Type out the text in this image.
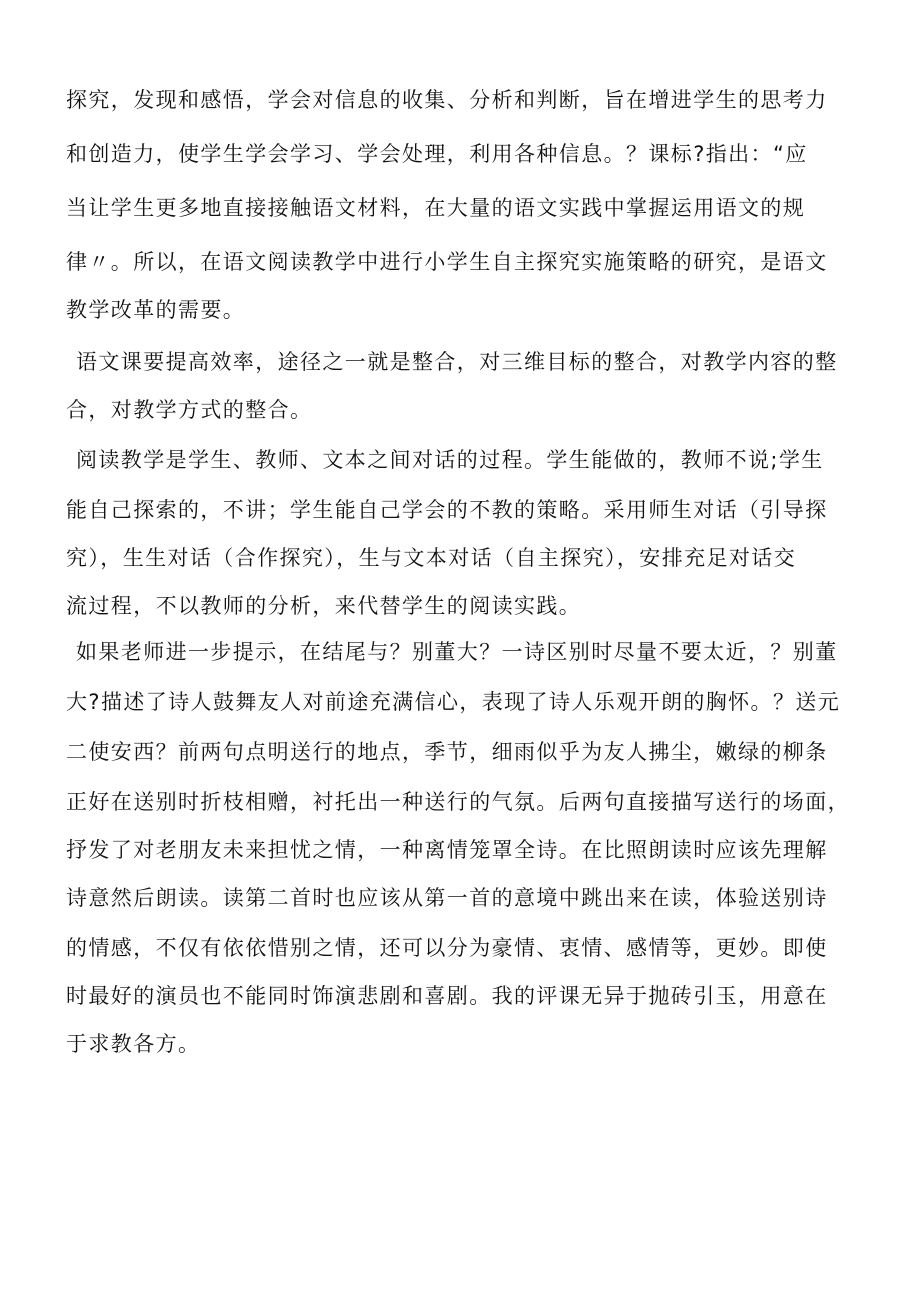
探究，发现和感悟，学会对信息的收集、分析和判断，旨在增进学生的思考力
和创造力，使学生学会学习、学会处理，利用各种信息。？课标?指出：“应
当让学生更多地直接接触语文材料，在大量的语文实践中掌握运用语文的规
律〃。所以，在语文阅读教学中进行小学生自主探究实施策略的研究，是语文
教学改革的需要。
语文课要提高效率，途径之一就是整合，对三维目标的整合，对教学内容的整
合，对教学方式的整合。
阅读教学是学生、教师、文本之间对话的过程。学生能做的，教师不说;学生
能自己探索的，不讲；学生能自己学会的不教的策略。采用师生对话（引导探
究），生生对话（合作探究），生与文本对话（自主探究），安排充足对话交
流过程，不以教师的分析，来代替学生的阅读实践。
如果老师进一步提示，在结尾与？别董大？一诗区别时尽量不要太近，？别董
大?描述了诗人鼓舞友人对前途充满信心，表现了诗人乐观开朗的胸怀。？送元
二使安西？前两句点明送行的地点，季节，细雨似乎为友人拂尘，嫩绿的柳条
正好在送别时折枝相赠，衬托出一种送行的气氛。后两句直接描写送行的场面，
抒发了对老朋友未来担忧之情，一种离情笼罩全诗。在比照朗读时应该先理解
诗意然后朗读。读第二首时也应该从第一首的意境中跳出来在读，体验送别诗
的情感，不仅有依依惜别之情，还可以分为豪情、衷情、感情等，更妙。即使
时最好的演员也不能同时饰演悲剧和喜剧。我的评课无异于抛砖引玉，用意在
于求教各方。
